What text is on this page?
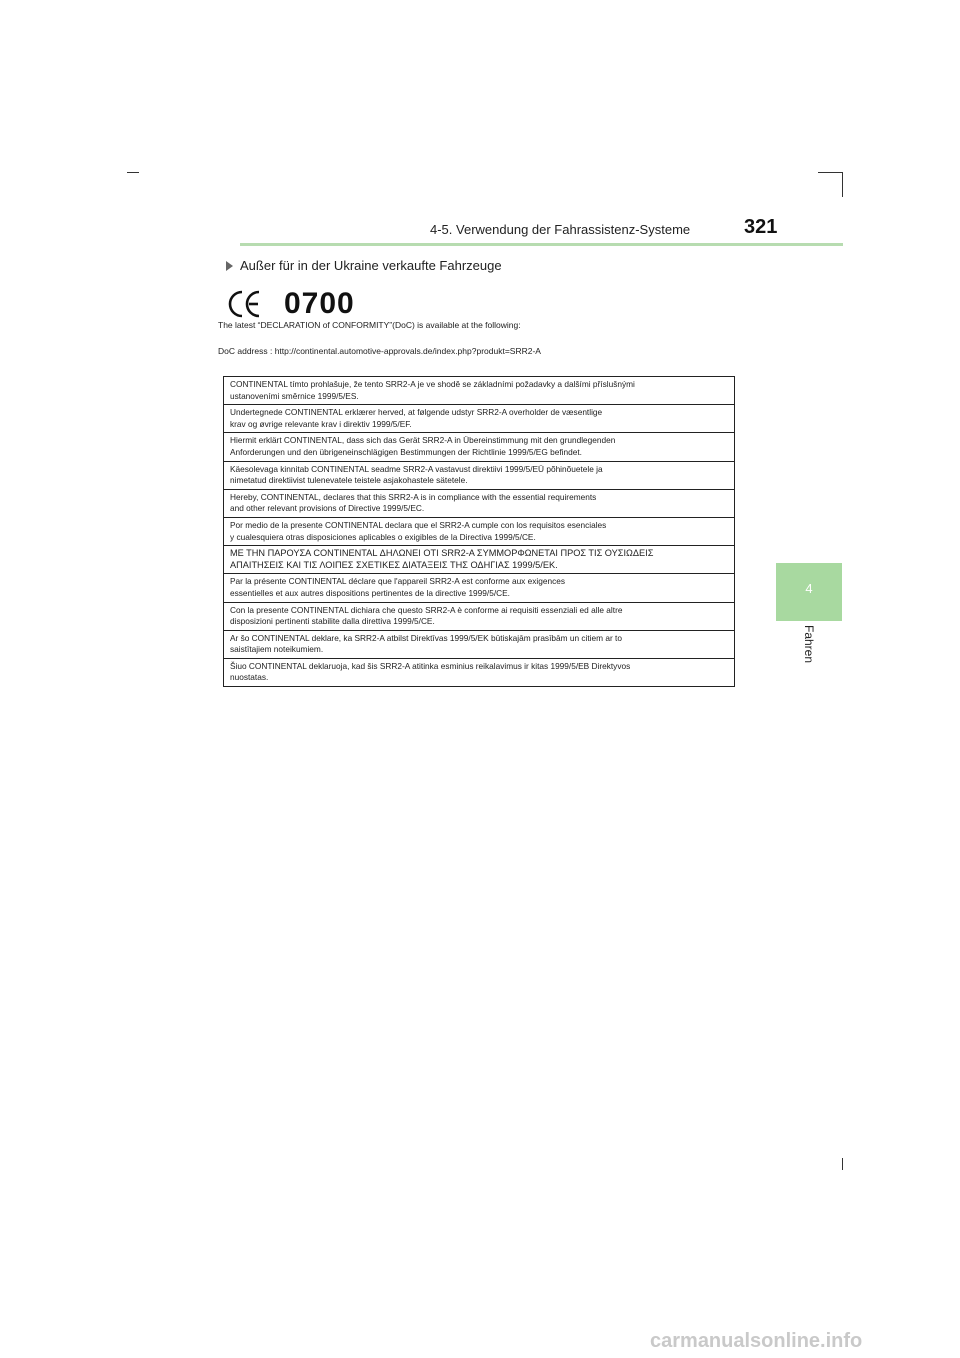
4-5. Verwendung der Fahrassistenz-Systeme	321
4
Fahren
Außer für in der Ukraine verkaufte Fahrzeuge
0700
The latest “DECLARATION of CONFORMITY”(DoC) is available at the following:
DoC address : http://continental.automotive-approvals.de/index.php?produkt=SRR2-A
CONTINENTAL tímto prohlašuje, že tento SRR2-A je ve shodě se základními požadavky a dalšími příslušnými
ustanoveními směrnice 1999/5/ES.
Undertegnede CONTINENTAL erklærer herved, at følgende udstyr SRR2-A overholder de væsentlige
krav og øvrige relevante krav i direktiv 1999/5/EF.
Hiermit erklärt CONTINENTAL, dass sich das Gerät SRR2-A in Übereinstimmung mit den grundlegenden
Anforderungen und den übrigeneinschlägigen Bestimmungen der Richtlinie 1999/5/EG befindet.
Käesolevaga kinnitab CONTINENTAL seadme SRR2-A vastavust direktiivi 1999/5/EÜ põhinõuetele ja
nimetatud direktiivist tulenevatele teistele asjakohastele sätetele.
Hereby, CONTINENTAL, declares that this SRR2-A is in compliance with the essential requirements
and other relevant provisions of Directive 1999/5/EC.
Por medio de la presente CONTINENTAL declara que el SRR2-A cumple con los requisitos esenciales
y cualesquiera otras disposiciones aplicables o exigibles de la Directiva 1999/5/CE.
ΜΕ ΤΗΝ ΠΑΡΟΥΣΑ CONTINENTAL ΔΗΛΩΝΕΙ ΟΤΙ SRR2-A ΣΥΜΜΟΡΦΩΝΕΤΑΙ ΠΡΟΣ ΤΙΣ ΟΥΣΙΩΔΕΙΣ
ΑΠΑΙΤΗΣΕΙΣ ΚΑΙ ΤΙΣ ΛΟΙΠΕΣ ΣΧΕΤΙΚΕΣ ΔΙΑΤΑΞΕΙΣ ΤΗΣ ΟΔΗΓΙΑΣ 1999/5/ΕΚ.
Par la présente CONTINENTAL déclare que l'appareil SRR2-A est conforme aux exigences
essentielles et aux autres dispositions pertinentes de la directive 1999/5/CE.
Con la presente CONTINENTAL dichiara che questo SRR2-A è conforme ai requisiti essenziali ed alle altre
disposizioni pertinenti stabilite dalla direttiva 1999/5/CE.
Ar šo CONTINENTAL deklare, ka SRR2-A atbilst Direktīvas 1999/5/EK būtiskajām prasībām un citiem ar to
saistītajiem noteikumiem.
Šiuo CONTINENTAL deklaruoja, kad šis SRR2-A atitinka esminius reikalavimus ir kitas 1999/5/EB Direktyvos
nuostatas.
carmanualsonline.info
